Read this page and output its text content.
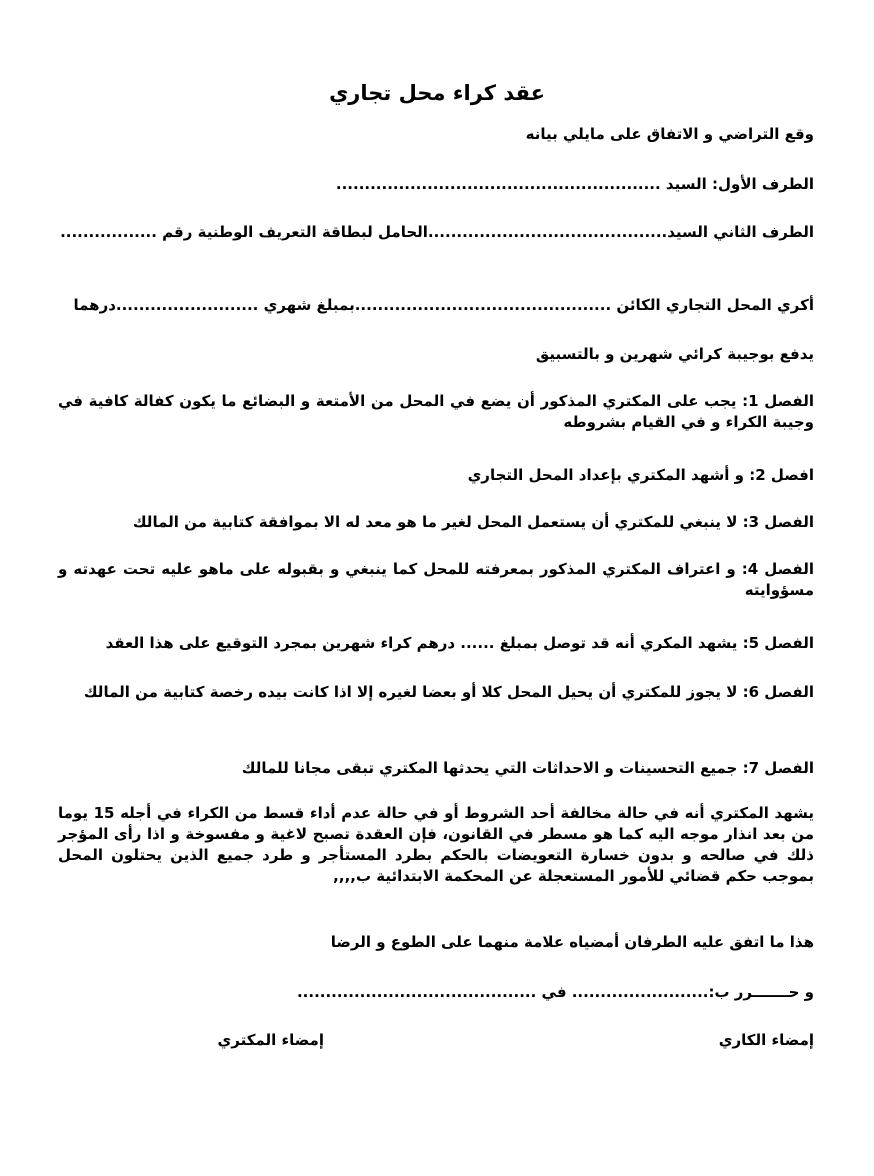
عقد كراء محل تجاري

وقع التراضي و الاتفاق على مايلي بيانه

الطرف الأول: السيد .........................................................

الطرف الثاني السيد..........................................الحامل لبطاقة التعريف الوطنية رقم .................

أكري المحل التجاري الكائن .............................................بمبلغ شهري .........................درهما

يدفع بوجيبة كرائي شهرين و بالتسبيق

الفصل 1: يجب على المكتري المذكور أن يضع في المحل من الأمتعة و البضائع ما يكون كفالة كافية في وجيبة الكراء و في القيام بشروطه

افصل 2: و أشهد المكتري بإعداد المحل التجاري

الفصل 3: لا ينبغي للمكتري أن يستعمل المحل لغير ما هو معد له الا بموافقة كتابية من المالك

الفصل 4: و اعتراف المكتري المذكور بمعرفته للمحل كما ينبغي و بقبوله على ماهو عليه تحت عهدته و مسؤوايته

الفصل 5: يشهد المكري أنه قد توصل بمبلغ ...... درهم كراء شهرين بمجرد التوقيع على هذا العقد

الفصل 6: لا يجوز للمكتري أن يحيل المحل كلا أو بعضا لغيره إلا اذا كانت بيده رخصة كتابية من المالك

الفصل 7: جميع التحسينات و الاحداثات التي يحدثها المكتري تبقى مجانا للمالك

يشهد المكتري أنه في حالة مخالفة أحد الشروط أو في حالة عدم أداء قسط من الكراء في أجله 15 يوما من بعد انذار موجه اليه كما هو مسطر في القانون، فإن العقدة تصبح لاغية و مفسوخة و اذا رأى المؤجر ذلك في صالحه و بدون خسارة التعويضات بالحكم بطرد المستأجر و طرد جميع الذين يحتلون المحل بموجب حكم قضائي للأمور المستعجلة عن المحكمة الابتدائية ب,,,,

هذا ما اتفق عليه الطرفان أمضياه علامة منهما على الطوع و الرضا

و حـــــــرر ب:........................ في ..........................................

إمضاء الكاري
إمضاء المكتري
